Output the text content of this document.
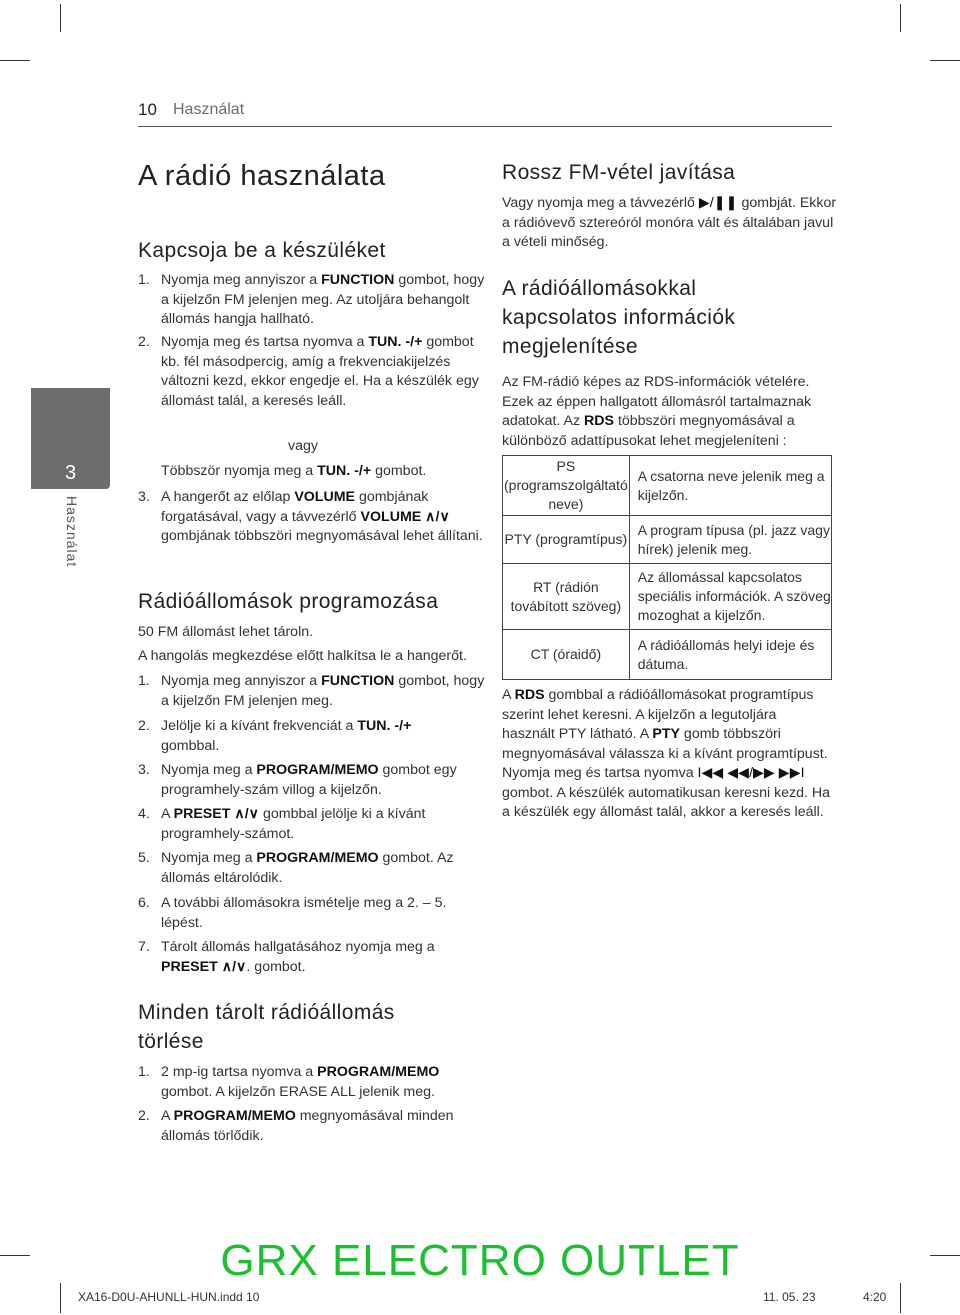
10 Használat
3
Használat
A rádió használata
Kapcsoja be a készüléket
1. Nyomja meg annyiszor a FUNCTION gombot, hogy a kijelzőn FM jelenjen meg. Az utoljára behangolt állomás hangja hallható.
2. Nyomja meg és tartsa nyomva a TUN. -/+ gombot kb. fél másodpercig, amíg a frekvenciakijelzés változni kezd, ekkor engedje el. Ha a készülék egy állomást talál, a keresés leáll.
vagy
Többször nyomja meg a TUN. -/+ gombot.
3. A hangerőt az előlap VOLUME gombjának forgatásával, vagy a távvezérlő VOLUME ∧/∨ gombjának többszöri megnyomásával lehet állítani.
Rádióállomások programozása
50 FM állomást lehet tároln.
A hangolás megkezdése előtt halkítsa le a hangerőt.
1. Nyomja meg annyiszor a FUNCTION gombot, hogy a kijelzőn FM jelenjen meg.
2. Jelölje ki a kívánt frekvenciát a TUN. -/+ gombbal.
3. Nyomja meg a PROGRAM/MEMO gombot egy programhely-szám villog a kijelzőn.
4. A PRESET ∧/∨ gombbal jelölje ki a kívánt programhely-számot.
5. Nyomja meg a PROGRAM/MEMO gombot. Az állomás eltárolódik.
6. A további állomásokra ismételje meg a 2. – 5. lépést.
7. Tárolt állomás hallgatásához nyomja meg a PRESET ∧/∨. gombot.
Minden tárolt rádióállomás
törlése
1. 2 mp-ig tartsa nyomva a PROGRAM/MEMO gombot. A kijelzőn ERASE ALL jelenik meg.
2. A PROGRAM/MEMO megnyomásával minden állomás törlődik.
Rossz FM-vétel javítása
Vagy nyomja meg a távvezérlő ▶/❚❚ gombját. Ekkor a rádióvevő sztereóról monóra vált és általában javul a vételi minőség.
A rádióállomásokkal
kapcsolatos információk
megjelenítése
Az FM-rádió képes az RDS-információk vételére. Ezek az éppen hallgatott állomásról tartalmaznak adatokat. Az RDS többszöri megnyomásával a különböző adattípusokat lehet megjeleníteni :
PS (programszolgáltató neve)	A csatorna neve jelenik meg a kijelzőn.
PTY (programtípus)	A program típusa (pl. jazz vagy hírek) jelenik meg.
RT (rádión továbított szöveg)	Az állomással kapcsolatos speciális információk. A szöveg mozoghat a kijelzőn.
CT (óraidő)	A rádióállomás helyi ideje és dátuma.
A RDS gombbal a rádióállomásokat programtípus szerint lehet keresni. A kijelzőn a legutoljára használt PTY látható. A PTY gomb többszöri megnyomásával válassza ki a kívánt programtípust. Nyomja meg és tartsa nyomva I◀◀ ◀◀/▶▶ ▶▶I gombot. A készülék automatikusan keresni kezd. Ha a készülék egy állomást talál, akkor a keresés leáll.
GRX ELECTRO OUTLET
XA16-D0U-AHUNLL-HUN.indd 10	11. 05. 23	4:20
